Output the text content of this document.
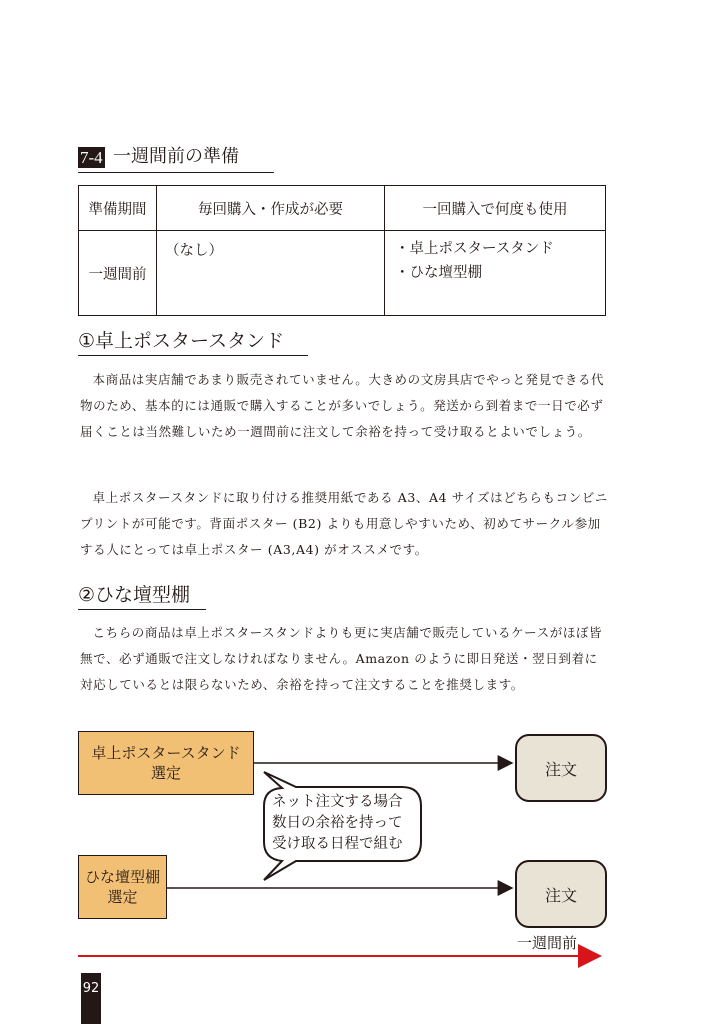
7-4 一週間前の準備
準備期間	毎回購入・作成が必要	一回購入で何度も使用
一週間前	（なし）	・卓上ポスタースタンド
・ひな壇型棚
①卓上ポスタースタンド
本商品は実店舗であまり販売されていません。大きめの文房具店でやっと発見できる代物のため、基本的には通販で購入することが多いでしょう。発送から到着まで一日で必ず届くことは当然難しいため一週間前に注文して余裕を持って受け取るとよいでしょう。
卓上ポスタースタンドに取り付ける推奨用紙である A3、A4 サイズはどちらもコンビニプリントが可能です。背面ポスター (B2) よりも用意しやすいため、初めてサークル参加する人にとっては卓上ポスター (A3,A4) がオススメです。
②ひな壇型棚
こちらの商品は卓上ポスタースタンドよりも更に実店舗で販売しているケースがほぼ皆無で、必ず通販で注文しなければなりません。Amazon のように即日発送・翌日到着に対応しているとは限らないため、余裕を持って注文することを推奨します。
卓上ポスタースタンド
選定
ひな壇型棚
選定
注文
注文
ネット注文する場合
数日の余裕を持って
受け取る日程で組む
一週間前
92
